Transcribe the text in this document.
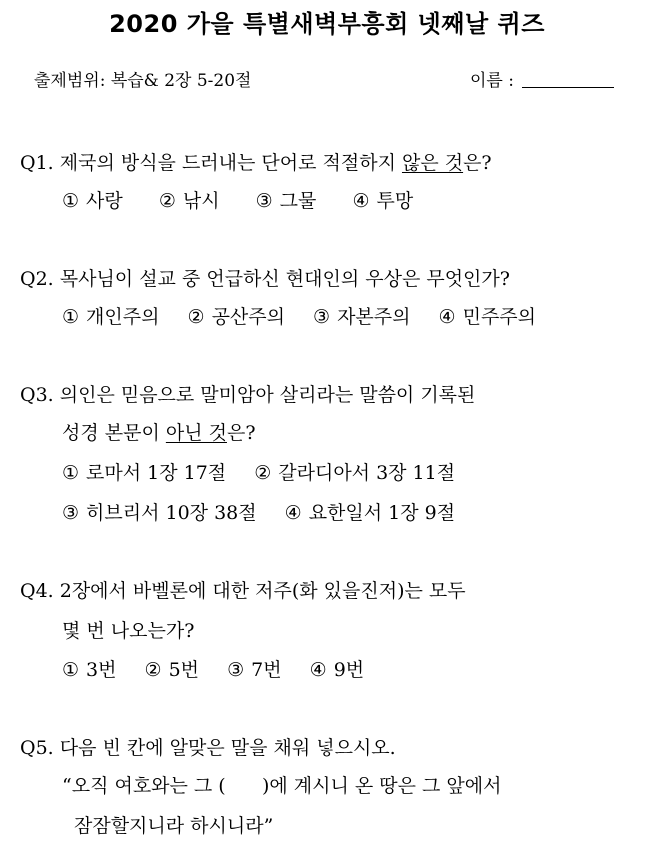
2020 가을 특별새벽부흥회 넷째날 퀴즈
출제범위: 복습& 2장 5-20절	이름 :
Q1. 제국의 방식을 드러내는 단어로 적절하지 않은 것은?
① 사랑 ② 낚시 ③ 그물 ④ 투망
Q2. 목사님이 설교 중 언급하신 현대인의 우상은 무엇인가?
① 개인주의 ② 공산주의 ③ 자본주의 ④ 민주주의
Q3. 의인은 믿음으로 말미암아 살리라는 말씀이 기록된
성경 본문이 아닌 것은?
① 로마서 1장 17절 ② 갈라디아서 3장 11절
③ 히브리서 10장 38절 ④ 요한일서 1장 9절
Q4. 2장에서 바벨론에 대한 저주(화 있을진저)는 모두
몇 번 나오는가?
① 3번 ② 5번 ③ 7번 ④ 9번
Q5. 다음 빈 칸에 알맞은 말을 채워 넣으시오.
“오직 여호와는 그 (      )에 계시니 온 땅은 그 앞에서
잠잠할지니라 하시니라”
